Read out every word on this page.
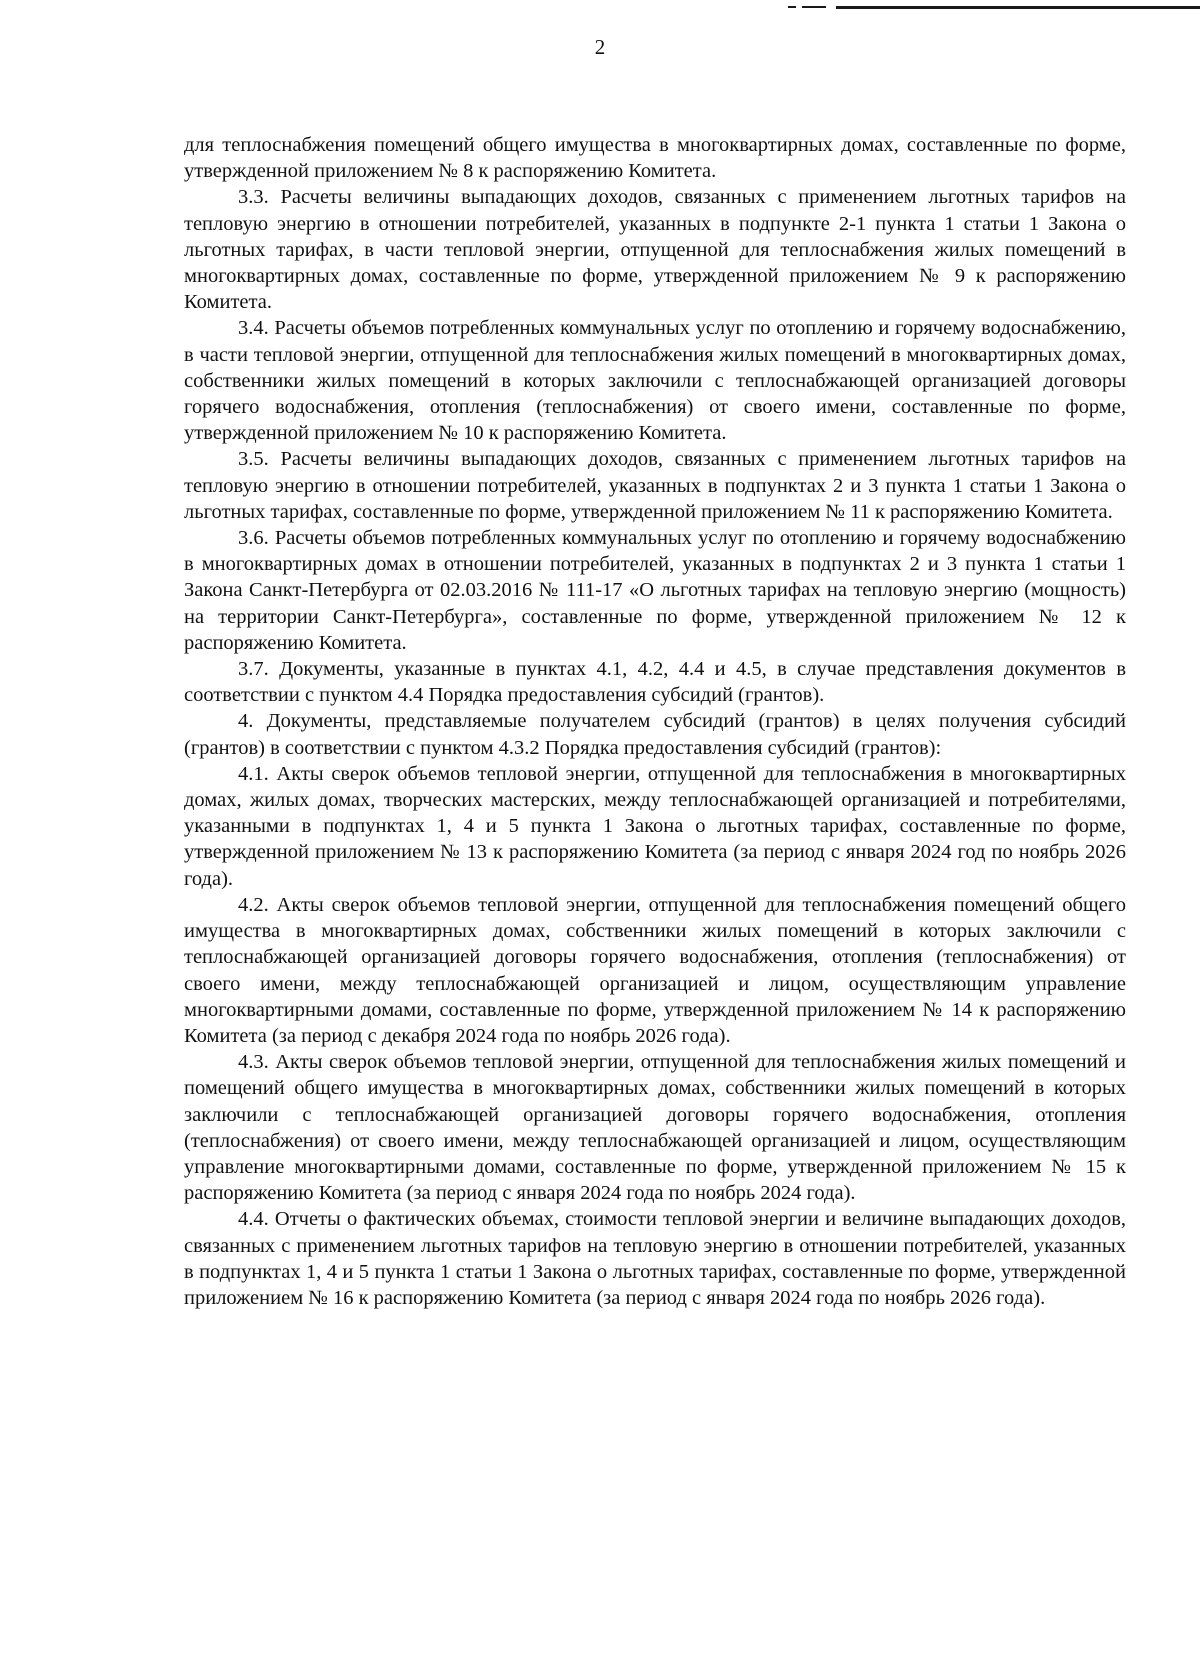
2

для теплоснабжения помещений общего имущества в многоквартирных домах, составленные по форме, утвержденной приложением № 8 к распоряжению Комитета.

3.3. Расчеты величины выпадающих доходов, связанных с применением льготных тарифов на тепловую энергию в отношении потребителей, указанных в подпункте 2-1 пункта 1 статьи 1 Закона о льготных тарифах, в части тепловой энергии, отпущенной для теплоснабжения жилых помещений в многоквартирных домах, составленные по форме, утвержденной приложением № 9 к распоряжению Комитета.

3.4. Расчеты объемов потребленных коммунальных услуг по отоплению и горячему водоснабжению, в части тепловой энергии, отпущенной для теплоснабжения жилых помещений в многоквартирных домах, собственники жилых помещений в которых заключили с теплоснабжающей организацией договоры горячего водоснабжения, отопления (теплоснабжения) от своего имени, составленные по форме, утвержденной приложением № 10 к распоряжению Комитета.

3.5. Расчеты величины выпадающих доходов, связанных с применением льготных тарифов на тепловую энергию в отношении потребителей, указанных в подпунктах 2 и 3 пункта 1 статьи 1 Закона о льготных тарифах, составленные по форме, утвержденной приложением № 11 к распоряжению Комитета.

3.6. Расчеты объемов потребленных коммунальных услуг по отоплению и горячему водоснабжению в многоквартирных домах в отношении потребителей, указанных в подпунктах 2 и 3 пункта 1 статьи 1 Закона Санкт-Петербурга от 02.03.2016 № 111-17 «О льготных тарифах на тепловую энергию (мощность) на территории Санкт-Петербурга», составленные по форме, утвержденной приложением № 12 к распоряжению Комитета.

3.7. Документы, указанные в пунктах 4.1, 4.2, 4.4 и 4.5, в случае представления документов в соответствии с пунктом 4.4 Порядка предоставления субсидий (грантов).

4. Документы, представляемые получателем субсидий (грантов) в целях получения субсидий (грантов) в соответствии с пунктом 4.3.2 Порядка предоставления субсидий (грантов):

4.1. Акты сверок объемов тепловой энергии, отпущенной для теплоснабжения в многоквартирных домах, жилых домах, творческих мастерских, между теплоснабжающей организацией и потребителями, указанными в подпунктах 1, 4 и 5 пункта 1 Закона о льготных тарифах, составленные по форме, утвержденной приложением № 13 к распоряжению Комитета (за период с января 2024 год по ноябрь 2026 года).

4.2. Акты сверок объемов тепловой энергии, отпущенной для теплоснабжения помещений общего имущества в многоквартирных домах, собственники жилых помещений в которых заключили с теплоснабжающей организацией договоры горячего водоснабжения, отопления (теплоснабжения) от своего имени, между теплоснабжающей организацией и лицом, осуществляющим управление многоквартирными домами, составленные по форме, утвержденной приложением № 14 к распоряжению Комитета (за период с декабря 2024 года по ноябрь 2026 года).

4.3. Акты сверок объемов тепловой энергии, отпущенной для теплоснабжения жилых помещений и помещений общего имущества в многоквартирных домах, собственники жилых помещений в которых заключили с теплоснабжающей организацией договоры горячего водоснабжения, отопления (теплоснабжения) от своего имени, между теплоснабжающей организацией и лицом, осуществляющим управление многоквартирными домами, составленные по форме, утвержденной приложением № 15 к распоряжению Комитета (за период с января 2024 года по ноябрь 2024 года).

4.4. Отчеты о фактических объемах, стоимости тепловой энергии и величине выпадающих доходов, связанных с применением льготных тарифов на тепловую энергию в отношении потребителей, указанных в подпунктах 1, 4 и 5 пункта 1 статьи 1 Закона о льготных тарифах, составленные по форме, утвержденной приложением № 16 к распоряжению Комитета (за период с января 2024 года по ноябрь 2026 года).
